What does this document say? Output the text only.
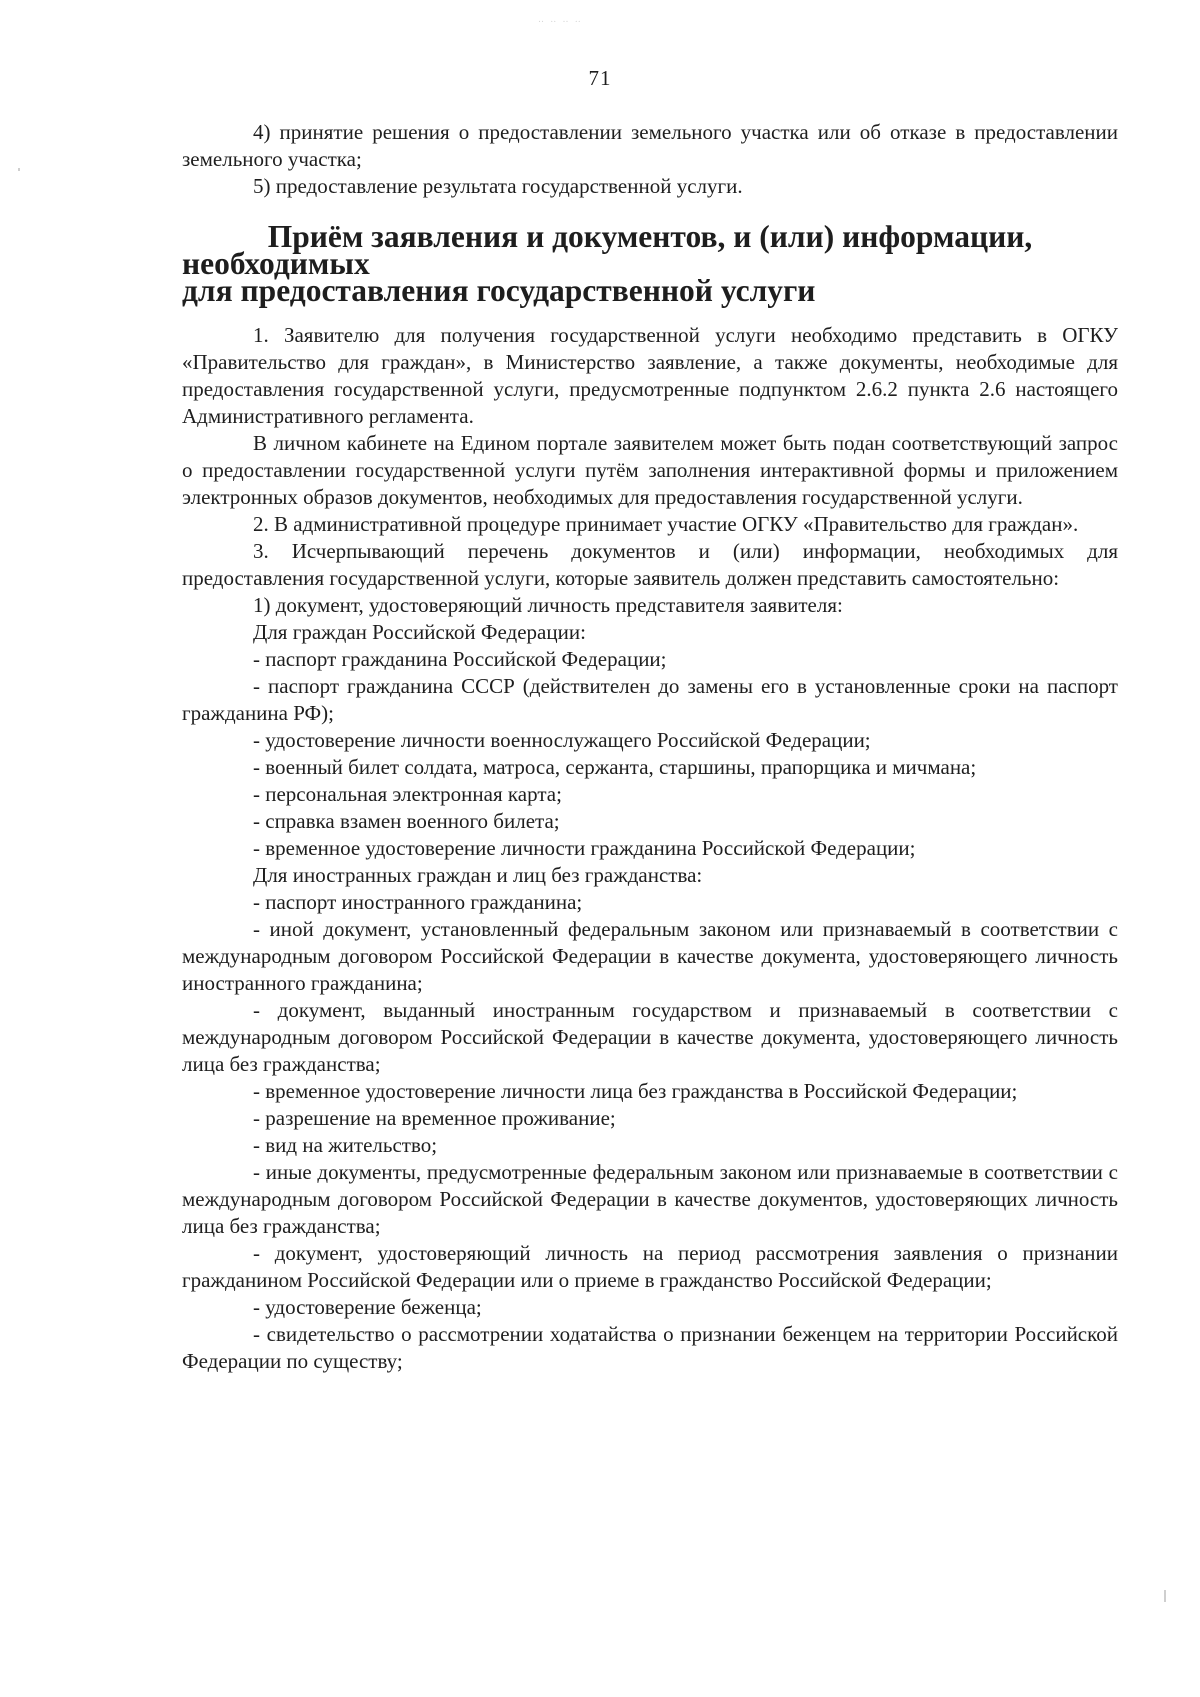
‥ ‥ ‥ ‥
71

4) принятие решения о предоставлении земельного участка или об отказе в предоставлении земельного участка;

5) предоставление результата государственной услуги.

Приём заявления и документов, и (или) информации, необходимых
для предоставления государственной услуги

1. Заявителю для получения государственной услуги необходимо представить в ОГКУ «Правительство для граждан», в Министерство заявление, а также документы, необходимые для предоставления государственной услуги, предусмотренные подпунктом 2.6.2 пункта 2.6 настоящего Административного регламента.

В личном кабинете на Едином портале заявителем может быть подан соответствующий запрос о предоставлении государственной услуги путём заполнения интерактивной формы и приложением электронных образов документов, необходимых для предоставления государственной услуги.

2. В административной процедуре принимает участие ОГКУ «Правительство для граждан».

3. Исчерпывающий перечень документов и (или) информации, необходимых для предоставления государственной услуги, которые заявитель должен представить самостоятельно:

1) документ, удостоверяющий личность представителя заявителя:

Для граждан Российской Федерации:

- паспорт гражданина Российской Федерации;

- паспорт гражданина СССР (действителен до замены его в установленные сроки на паспорт гражданина РФ);

- удостоверение личности военнослужащего Российской Федерации;

- военный билет солдата, матроса, сержанта, старшины, прапорщика и мичмана;

- персональная электронная карта;

- справка взамен военного билета;

- временное удостоверение личности гражданина Российской Федерации;

Для иностранных граждан и лиц без гражданства:

- паспорт иностранного гражданина;

- иной документ, установленный федеральным законом или признаваемый в соответствии с международным договором Российской Федерации в качестве документа, удостоверяющего личность иностранного гражданина;

- документ, выданный иностранным государством и признаваемый в соответствии с международным договором Российской Федерации в качестве документа, удостоверяющего личность лица без гражданства;

- временное удостоверение личности лица без гражданства в Российской Федерации;

- разрешение на временное проживание;

- вид на жительство;

- иные документы, предусмотренные федеральным законом или признаваемые в соответствии с международным договором Российской Федерации в качестве документов, удостоверяющих личность лица без гражданства;

- документ, удостоверяющий личность на период рассмотрения заявления о признании гражданином Российской Федерации или о приеме в гражданство Российской Федерации;

- удостоверение беженца;

- свидетельство о рассмотрении ходатайства о признании беженцем на территории Российской Федерации по существу;
